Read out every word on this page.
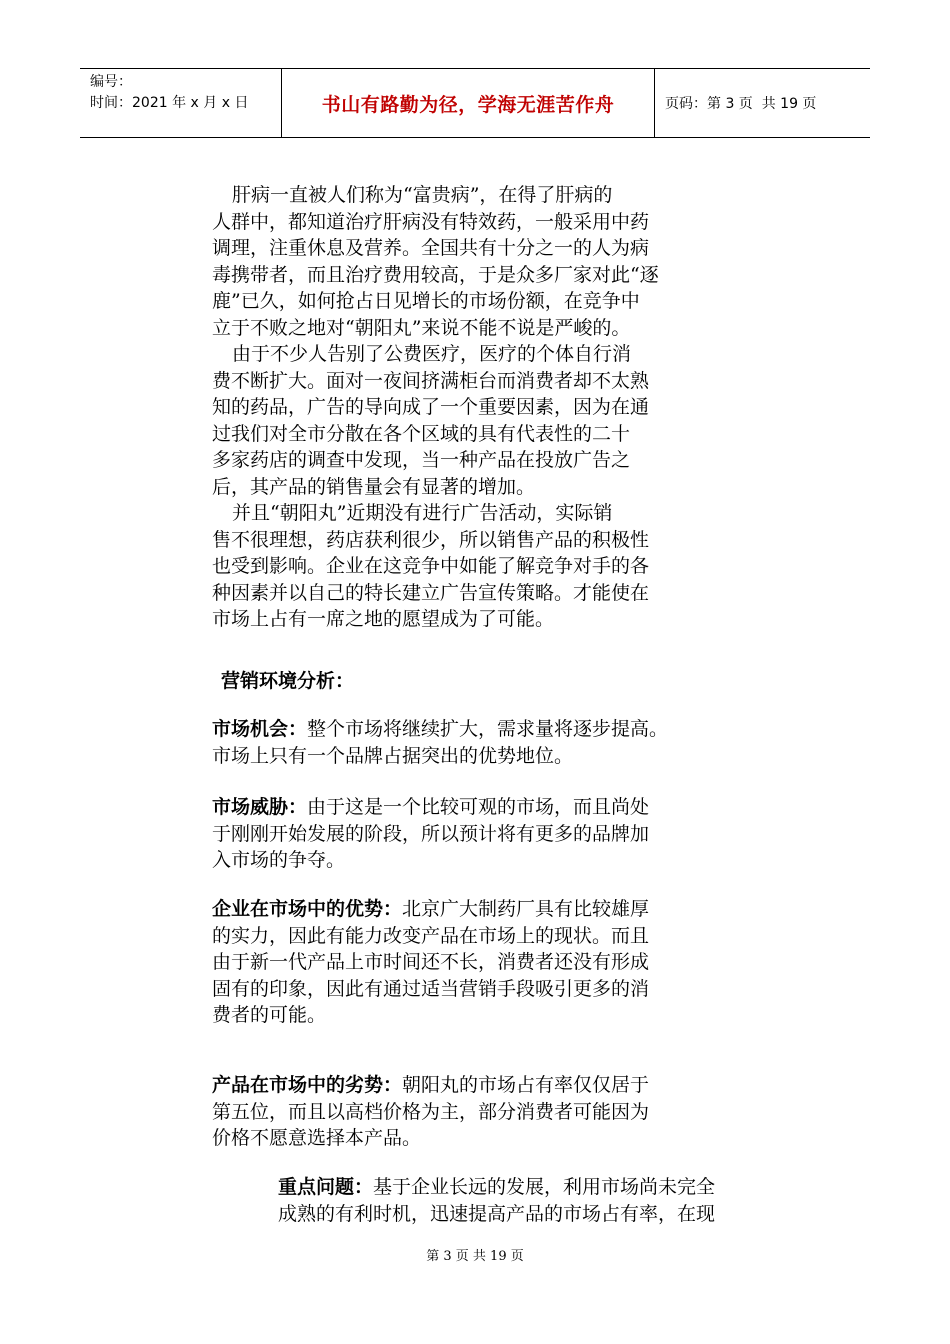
编号：
时间：2021 年 x 月 x 日	书山有路勤为径，学海无涯苦作舟	页码：第 3 页  共 19 页
肝病一直被人们称为“富贵病”，在得了肝病的
人群中，都知道治疗肝病没有特效药，一般采用中药
调理，注重休息及营养。全国共有十分之一的人为病
毒携带者，而且治疗费用较高，于是众多厂家对此“逐
鹿”已久，如何抢占日见增长的市场份额，在竞争中
立于不败之地对“朝阳丸”来说不能不说是严峻的。
由于不少人告别了公费医疗，医疗的个体自行消
费不断扩大。面对一夜间挤满柜台而消费者却不太熟
知的药品，广告的导向成了一个重要因素，因为在通
过我们对全市分散在各个区域的具有代表性的二十
多家药店的调查中发现，当一种产品在投放广告之
后，其产品的销售量会有显著的增加。
并且“朝阳丸”近期没有进行广告活动，实际销
售不很理想，药店获利很少，所以销售产品的积极性
也受到影响。企业在这竞争中如能了解竞争对手的各
种因素并以自己的特长建立广告宣传策略。才能使在
市场上占有一席之地的愿望成为了可能。
营销环境分析：
市场机会：整个市场将继续扩大，需求量将逐步提高。
市场上只有一个品牌占据突出的优势地位。
市场威胁：由于这是一个比较可观的市场，而且尚处
于刚刚开始发展的阶段，所以预计将有更多的品牌加
入市场的争夺。
企业在市场中的优势：北京广大制药厂具有比较雄厚
的实力，因此有能力改变产品在市场上的现状。而且
由于新一代产品上市时间还不长，消费者还没有形成
固有的印象，因此有通过适当营销手段吸引更多的消
费者的可能。
产品在市场中的劣势：朝阳丸的市场占有率仅仅居于
第五位，而且以高档价格为主，部分消费者可能因为
价格不愿意选择本产品。
重点问题：基于企业长远的发展，利用市场尚未完全
成熟的有利时机，迅速提高产品的市场占有率，在现
第 3 页 共 19 页
